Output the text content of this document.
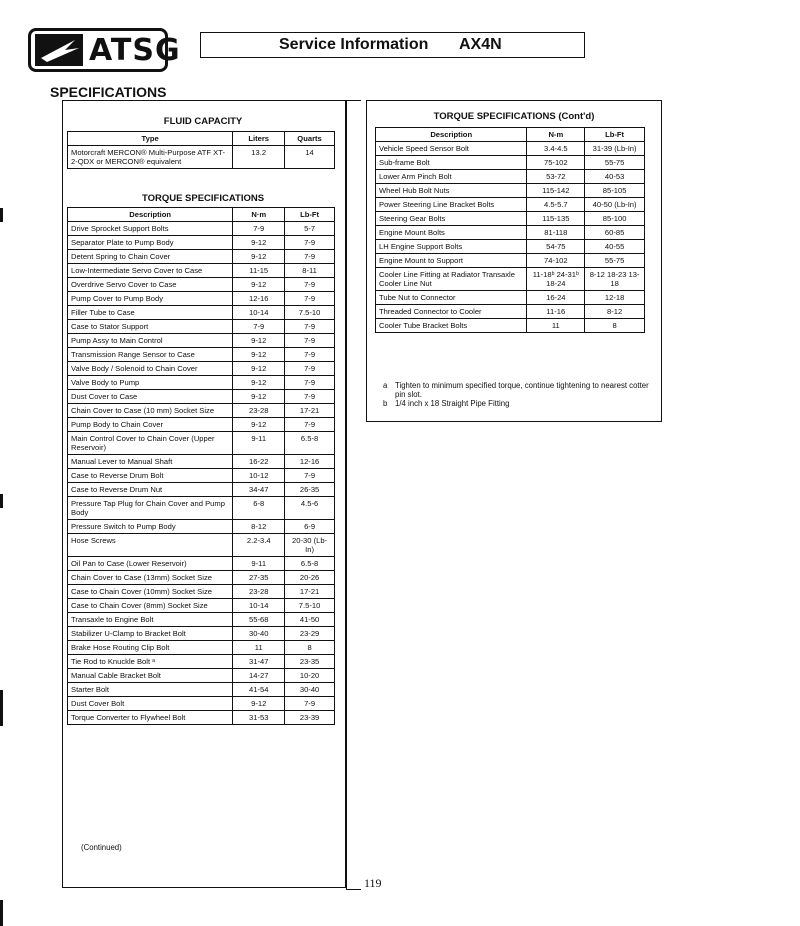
ATSG	Service Information AX4N
SPECIFICATIONS
FLUID CAPACITY
Type	Liters	Quarts
Motorcraft MERCON® Multi-Purpose ATF XT-2-QDX or MERCON® equivalent	13.2	14
TORQUE SPECIFICATIONS
Description	N·m	Lb-Ft
Drive Sprocket Support Bolts	7-9	5-7
Separator Plate to Pump Body	9-12	7-9
Detent Spring to Chain Cover	9-12	7-9
Low-Intermediate Servo Cover to Case	11-15	8-11
Overdrive Servo Cover to Case	9-12	7-9
Pump Cover to Pump Body	12-16	7-9
Filler Tube to Case	10-14	7.5-10
Case to Stator Support	7-9	7-9
Pump Assy to Main Control	9-12	7-9
Transmission Range Sensor to Case	9-12	7-9
Valve Body / Solenoid to Chain Cover	9-12	7-9
Valve Body to Pump	9-12	7-9
Dust Cover to Case	9-12	7-9
Chain Cover to Case (10 mm) Socket Size	23-28	17-21
Pump Body to Chain Cover	9-12	7-9
Main Control Cover to Chain Cover (Upper Reservoir)	9-11	6.5-8
Manual Lever to Manual Shaft	16-22	12-16
Case to Reverse Drum Bolt	10-12	7-9
Case to Reverse Drum Nut	34-47	26-35
Pressure Tap Plug for Chain Cover and Pump Body	6-8	4.5-6
Pressure Switch to Pump Body	8-12	6-9
Hose Screws	2.2-3.4	20-30 (Lb-In)
Oil Pan to Case (Lower Reservoir)	9-11	6.5-8
Chain Cover to Case (13mm) Socket Size	27-35	20-26
Case to Chain Cover (10mm) Socket Size	23-28	17-21
Case to Chain Cover (8mm) Socket Size	10-14	7.5-10
Transaxle to Engine Bolt	55-68	41-50
Stabilizer U-Clamp to Bracket Bolt	30-40	23-29
Brake Hose Routing Clip Bolt	11	8
Tie Rod to Knuckle Bolt ᵃ	31-47	23-35
Manual Cable Bracket Bolt	14-27	10-20
Starter Bolt	41-54	30-40
Dust Cover Bolt	9-12	7-9
Torque Converter to Flywheel Bolt	31-53	23-39
(Continued)
TORQUE SPECIFICATIONS (Cont'd)
Description	N-m	Lb-Ft
Vehicle Speed Sensor Bolt	3.4-4.5	31-39 (Lb-In)
Sub-frame Bolt	75-102	55-75
Lower Arm Pinch Bolt	53-72	40-53
Wheel Hub Bolt Nuts	115-142	85-105
Power Steering Line Bracket Bolts	4.5-5.7	40-50 (Lb-In)
Steering Gear Bolts	115-135	85-100
Engine Mount Bolts	81-118	60-85
LH Engine Support Bolts	54-75	40-55
Engine Mount to Support	74-102	55-75
Cooler Line Fitting at Radiator Transaxle Cooler Line Nut	11-18ᵇ 24-31ᵇ 18-24	8-12 18-23 13-18
Tube Nut to Connector	16-24	12-18
Threaded Connector to Cooler	11-16	8-12
Cooler Tube Bracket Bolts	11	8
a Tighten to minimum specified torque, continue tightening to nearest cotter pin slot.
b 1/4 inch x 18 Straight Pipe Fitting
119
